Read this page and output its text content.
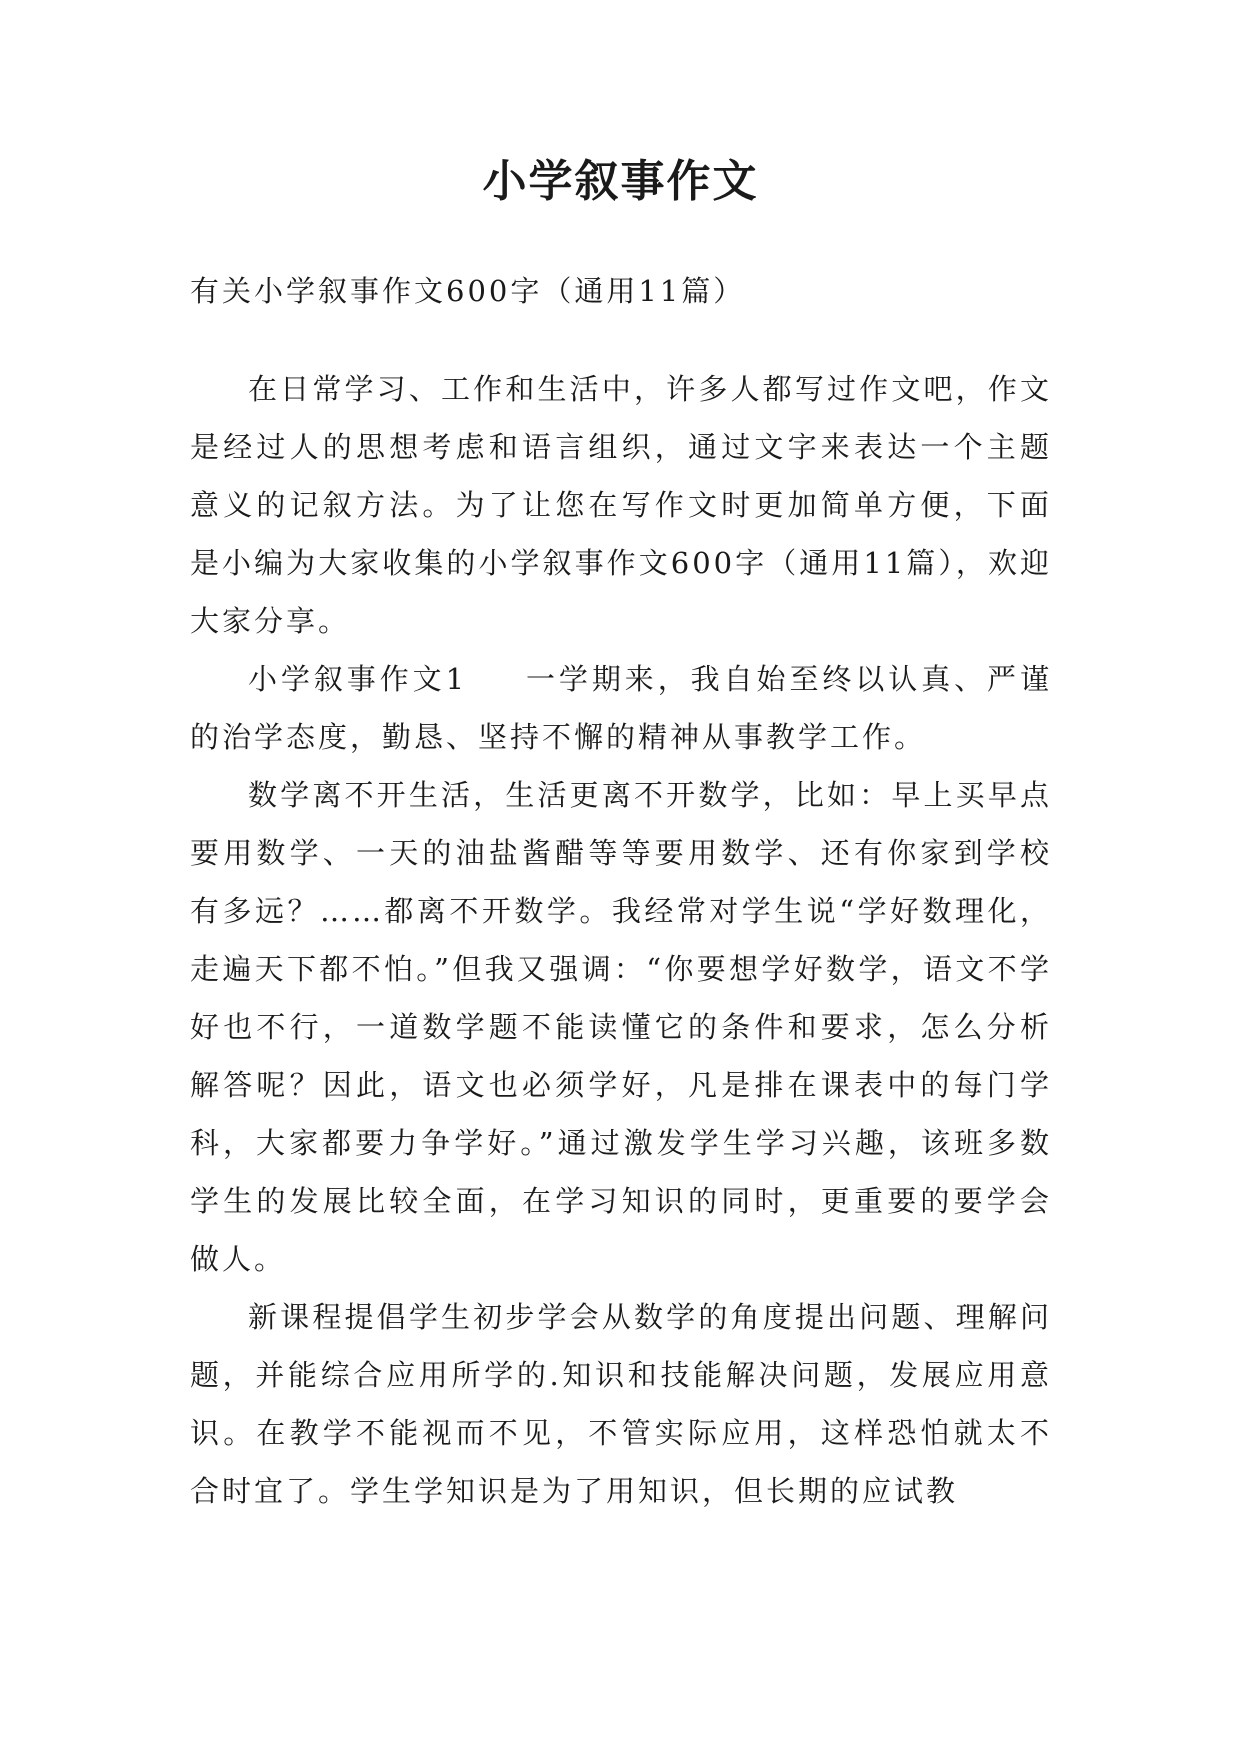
小学叙事作文

有关小学叙事作文600字（通用11篇）

在日常学习、工作和生活中，许多人都写过作文吧，作文是经过人的思想考虑和语言组织，通过文字来表达一个主题意义的记叙方法。为了让您在写作文时更加简单方便，下面是小编为大家收集的小学叙事作文600字（通用11篇），欢迎大家分享。

小学叙事作文1 一学期来，我自始至终以认真、严谨的治学态度，勤恳、坚持不懈的精神从事教学工作。

数学离不开生活，生活更离不开数学，比如：早上买早点要用数学、一天的油盐酱醋等等要用数学、还有你家到学校有多远？……都离不开数学。我经常对学生说“学好数理化，走遍天下都不怕。”但我又强调：“你要想学好数学，语文不学好也不行，一道数学题不能读懂它的条件和要求，怎么分析解答呢？因此，语文也必须学好，凡是排在课表中的每门学科，大家都要力争学好。”通过激发学生学习兴趣，该班多数学生的发展比较全面，在学习知识的同时，更重要的要学会做人。

新课程提倡学生初步学会从数学的角度提出问题、理解问题，并能综合应用所学的.知识和技能解决问题，发展应用意识。在教学不能视而不见，不管实际应用，这样恐怕就太不合时宜了。学生学知识是为了用知识，但长期的应试教
